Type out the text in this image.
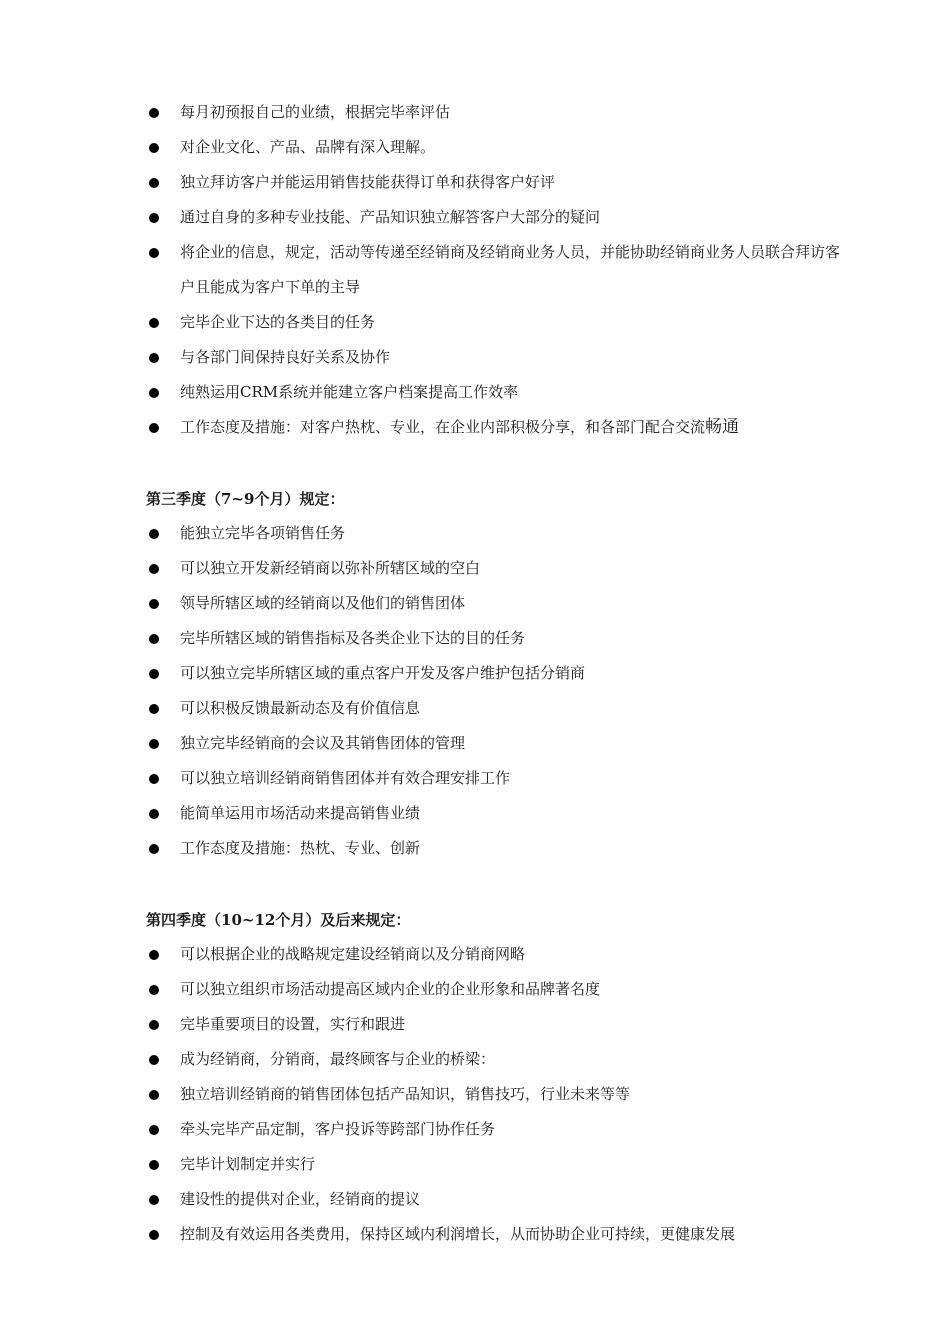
每月初预报自己的业绩，根据完毕率评估
对企业文化、产品、品牌有深入理解。
独立拜访客户并能运用销售技能获得订单和获得客户好评
通过自身的多种专业技能、产品知识独立解答客户大部分的疑问
将企业的信息，规定，活动等传递至经销商及经销商业务人员，并能协助经销商业务人员联合拜访客户且能成为客户下单的主导
完毕企业下达的各类目的任务
与各部门间保持良好关系及协作
纯熟运用CRM系统并能建立客户档案提高工作效率
工作态度及措施：对客户热枕、专业，在企业内部积极分享，和各部门配合交流畅通

第三季度（7~9个月）规定：

能独立完毕各项销售任务
可以独立开发新经销商以弥补所辖区域的空白
领导所辖区域的经销商以及他们的销售团体
完毕所辖区域的销售指标及各类企业下达的目的任务
可以独立完毕所辖区域的重点客户开发及客户维护包括分销商
可以积极反馈最新动态及有价值信息
独立完毕经销商的会议及其销售团体的管理
可以独立培训经销商销售团体并有效合理安排工作
能简单运用市场活动来提高销售业绩
工作态度及措施：热枕、专业、创新

第四季度（10~12个月）及后来规定：

可以根据企业的战略规定建设经销商以及分销商网略
可以独立组织市场活动提高区域内企业的企业形象和品牌著名度
完毕重要项目的设置，实行和跟进
成为经销商，分销商，最终顾客与企业的桥梁：
独立培训经销商的销售团体包括产品知识，销售技巧，行业未来等等
牵头完毕产品定制，客户投诉等跨部门协作任务
完毕计划制定并实行
建设性的提供对企业，经销商的提议
控制及有效运用各类费用，保持区域内利润增长，从而协助企业可持续，更健康发展
